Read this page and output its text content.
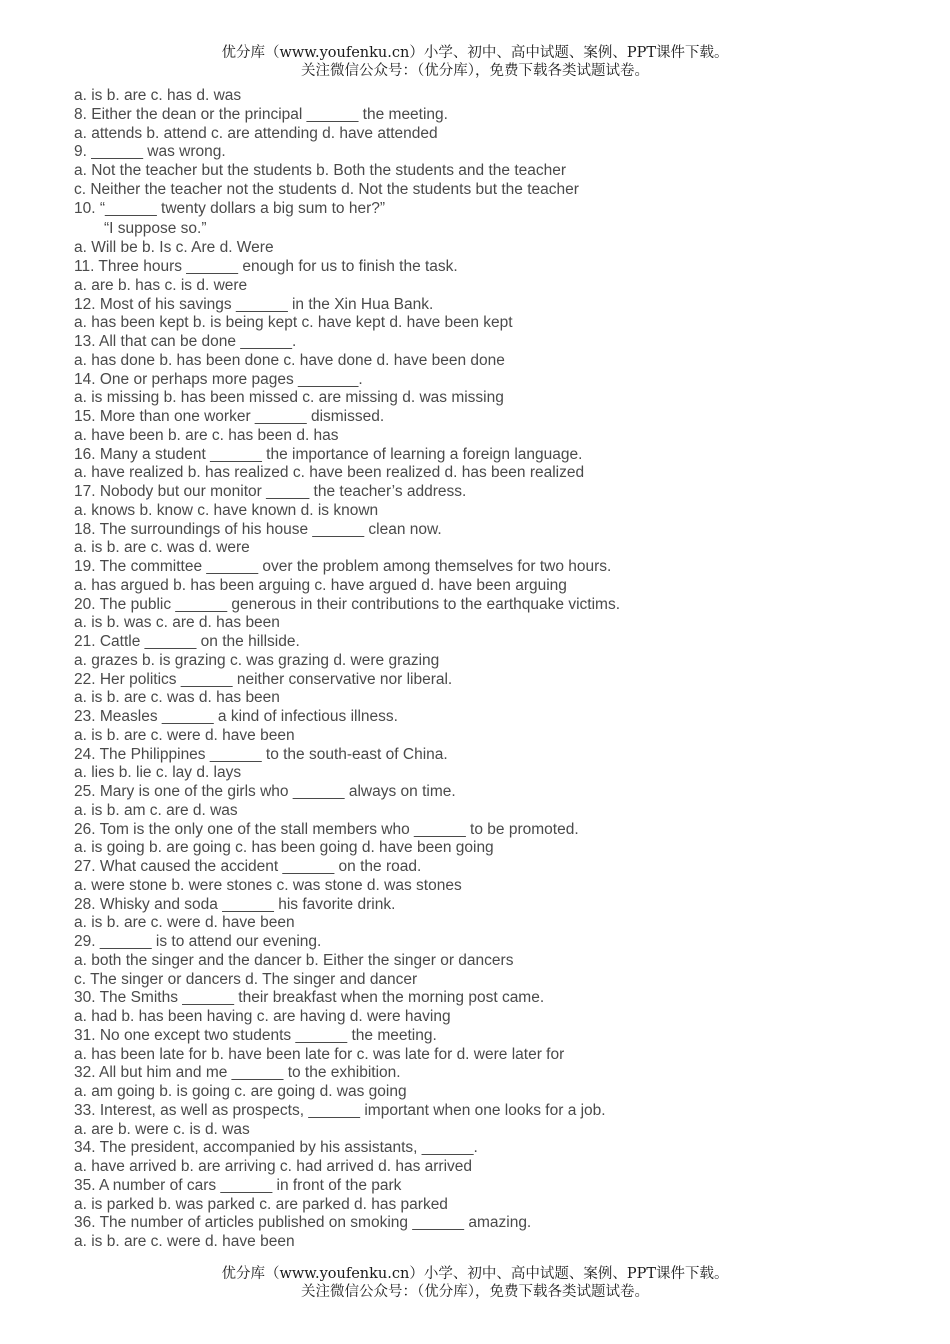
优分库（www.youfenku.cn）小学、初中、高中试题、案例、PPT课件下载。
关注微信公众号：（优分库），免费下载各类试题试卷。
a. is b. are c. has d. was
8. Either the dean or the principal ______ the meeting.
a. attends b. attend c. are attending d. have attended
9. ______ was wrong.
a. Not the teacher but the students b. Both the students and the teacher
c. Neither the teacher not the students d. Not the students but the teacher
10. “______ twenty dollars a big sum to her?”
“I suppose so.”
a. Will be b. Is c. Are d. Were
11. Three hours ______ enough for us to finish the task.
a. are b. has c. is d. were
12. Most of his savings ______ in the Xin Hua Bank.
a. has been kept b. is being kept c. have kept d. have been kept
13. All that can be done ______.
a. has done b. has been done c. have done d. have been done
14. One or perhaps more pages _______.
a. is missing b. has been missed c. are missing d. was missing
15. More than one worker ______ dismissed.
a. have been b. are c. has been d. has
16. Many a student ______ the importance of learning a foreign language.
a. have realized b. has realized c. have been realized d. has been realized
17. Nobody but our monitor _____ the teacher’s address.
a. knows b. know c. have known d. is known
18. The surroundings of his house ______ clean now.
a. is b. are c. was d. were
19. The committee ______ over the problem among themselves for two hours.
a. has argued b. has been arguing c. have argued d. have been arguing
20. The public ______ generous in their contributions to the earthquake victims.
a. is b. was c. are d. has been
21. Cattle ______ on the hillside.
a. grazes b. is grazing c. was grazing d. were grazing
22. Her politics ______ neither conservative nor liberal.
a. is b. are c. was d. has been
23. Measles ______ a kind of infectious illness.
a. is b. are c. were d. have been
24. The Philippines ______ to the south-east of China.
a. lies b. lie c. lay d. lays
25. Mary is one of the girls who ______ always on time.
a. is b. am c. are d. was
26. Tom is the only one of the stall members who ______ to be promoted.
a. is going b. are going c. has been going d. have been going
27. What caused the accident ______ on the road.
a. were stone b. were stones c. was stone d. was stones
28. Whisky and soda ______ his favorite drink.
a. is b. are c. were d. have been
29. ______ is to attend our evening.
a. both the singer and the dancer b. Either the singer or dancers
c. The singer or dancers d. The singer and dancer
30. The Smiths ______ their breakfast when the morning post came.
a. had b. has been having c. are having d. were having
31. No one except two students ______ the meeting.
a. has been late for b. have been late for c. was late for d. were later for
32. All but him and me ______ to the exhibition.
a. am going b. is going c. are going d. was going
33. Interest, as well as prospects, ______ important when one looks for a job.
a. are b. were c. is d. was
34. The president, accompanied by his assistants, ______.
a. have arrived b. are arriving c. had arrived d. has arrived
35. A number of cars ______ in front of the park
a. is parked b. was parked c. are parked d. has parked
36. The number of articles published on smoking ______ amazing.
a. is b. are c. were d. have been
优分库（www.youfenku.cn）小学、初中、高中试题、案例、PPT课件下载。
关注微信公众号：（优分库），免费下载各类试题试卷。
